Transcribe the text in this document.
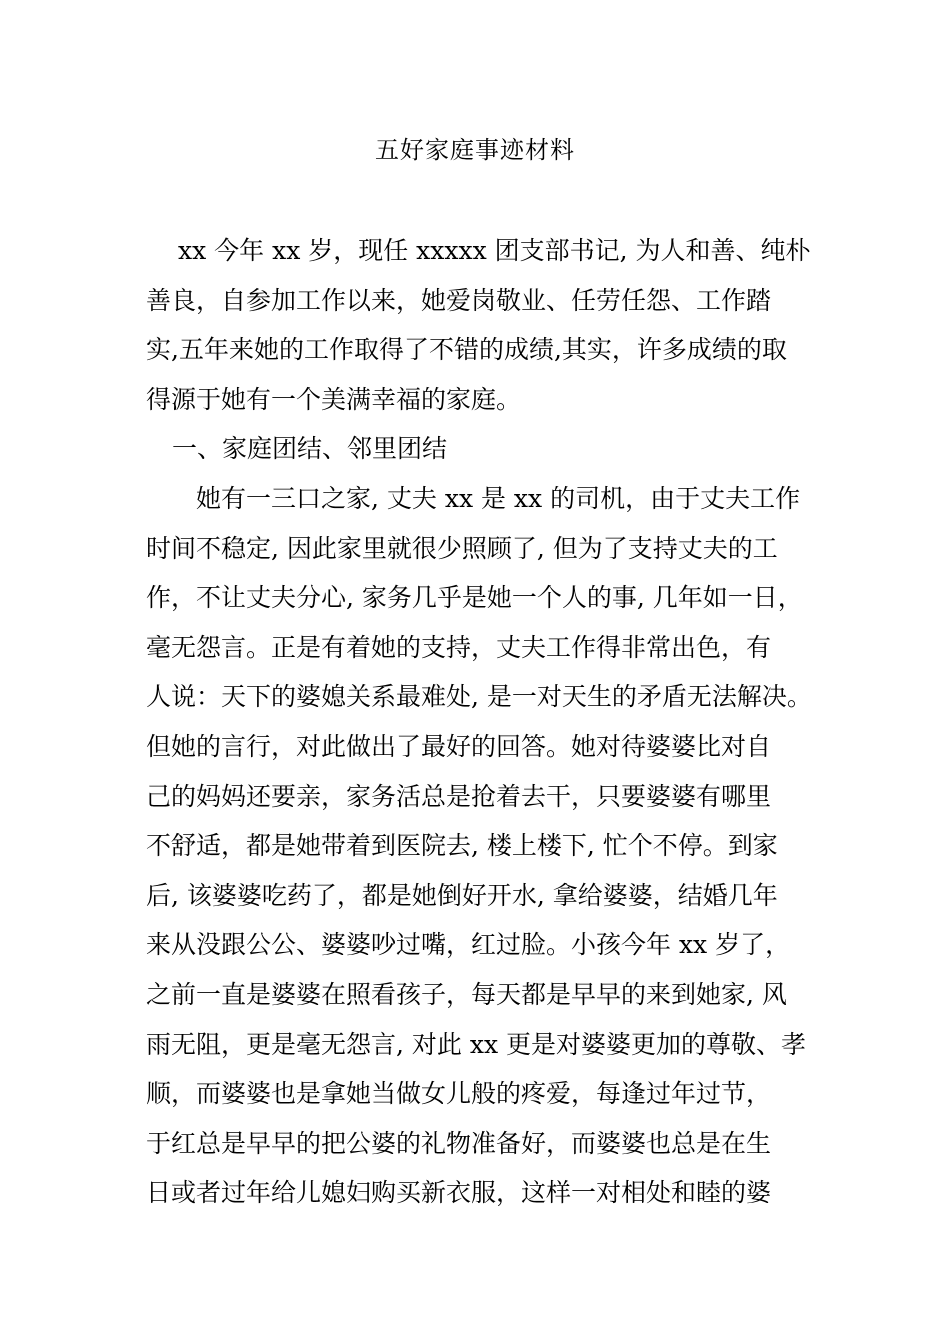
五好家庭事迹材料

xx 今年 xx 岁，现任 xxxxx 团支部书记, 为人和善、纯朴

善良，自参加工作以来，她爱岗敬业、任劳任怨、工作踏

实,五年来她的工作取得了不错的成绩,其实，许多成绩的取

得源于她有一个美满幸福的家庭。

一、家庭团结、邻里团结

她有一三口之家, 丈夫 xx 是 xx 的司机，由于丈夫工作

时间不稳定, 因此家里就很少照顾了, 但为了支持丈夫的工

作，不让丈夫分心, 家务几乎是她一个人的事, 几年如一日，

毫无怨言。正是有着她的支持，丈夫工作得非常出色，有

人说：天下的婆媳关系最难处, 是一对天生的矛盾无法解决。

但她的言行，对此做出了最好的回答。她对待婆婆比对自

己的妈妈还要亲，家务活总是抢着去干，只要婆婆有哪里

不舒适，都是她带着到医院去, 楼上楼下, 忙个不停。到家

后, 该婆婆吃药了，都是她倒好开水, 拿给婆婆，结婚几年

来从没跟公公、婆婆吵过嘴，红过脸。小孩今年 xx 岁了，

之前一直是婆婆在照看孩子，每天都是早早的来到她家, 风

雨无阻，更是毫无怨言, 对此 xx 更是对婆婆更加的尊敬、孝

顺，而婆婆也是拿她当做女儿般的疼爱，每逢过年过节，

于红总是早早的把公婆的礼物准备好，而婆婆也总是在生

日或者过年给儿媳妇购买新衣服，这样一对相处和睦的婆
